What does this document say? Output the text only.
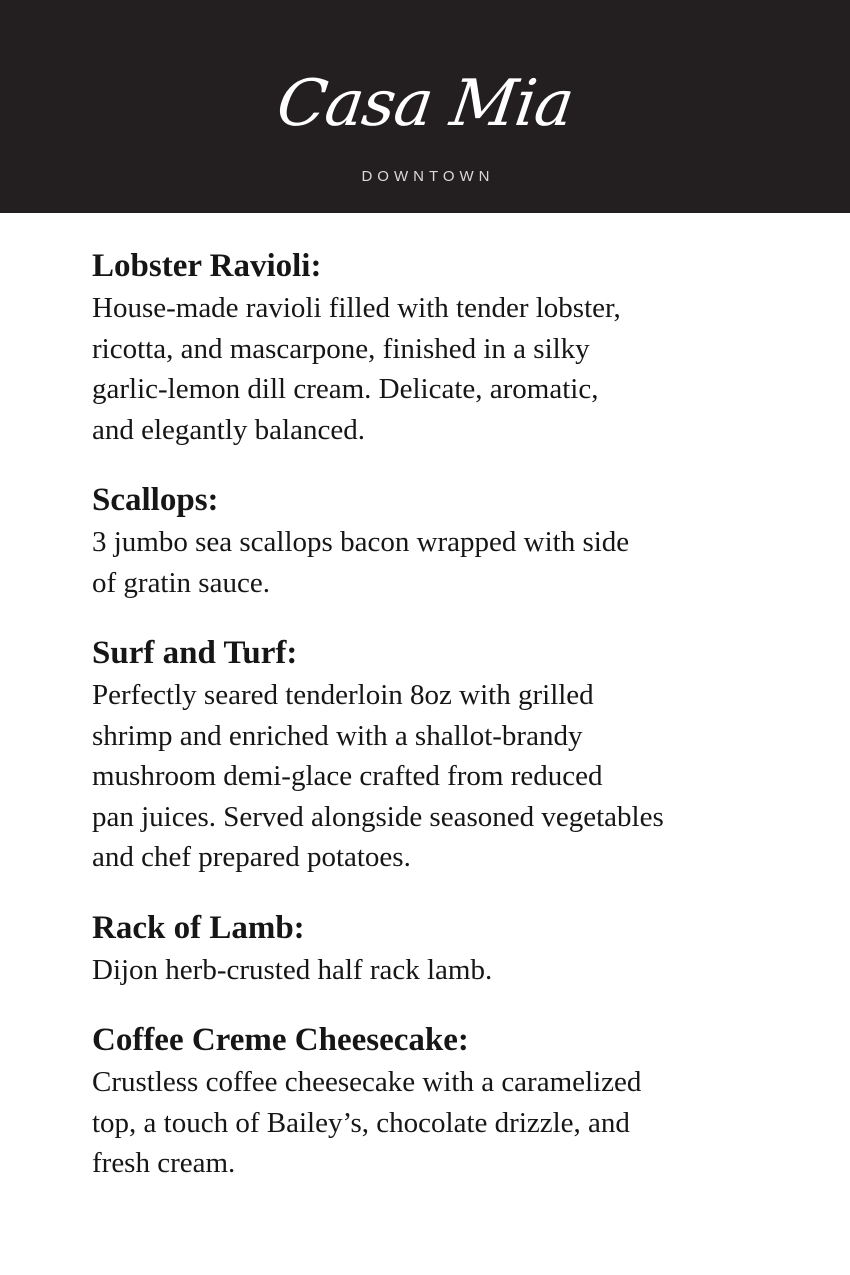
Casa Mia
DOWNTOWN
Lobster Ravioli:

House-made ravioli filled with tender lobster,
ricotta, and mascarpone, finished in a silky
garlic-lemon dill cream. Delicate, aromatic,
and elegantly balanced.

Scallops:

3 jumbo sea scallops bacon wrapped with side
of gratin sauce.

Surf and Turf:

Perfectly seared tenderloin 8oz with grilled
shrimp and enriched with a shallot-brandy
mushroom demi-glace crafted from reduced
pan juices. Served alongside seasoned vegetables
and chef prepared potatoes.

Rack of Lamb:

Dijon herb-crusted half rack lamb.

Coffee Creme Cheesecake:

Crustless coffee cheesecake with a caramelized
top, a touch of Bailey’s, chocolate drizzle, and
fresh cream.
